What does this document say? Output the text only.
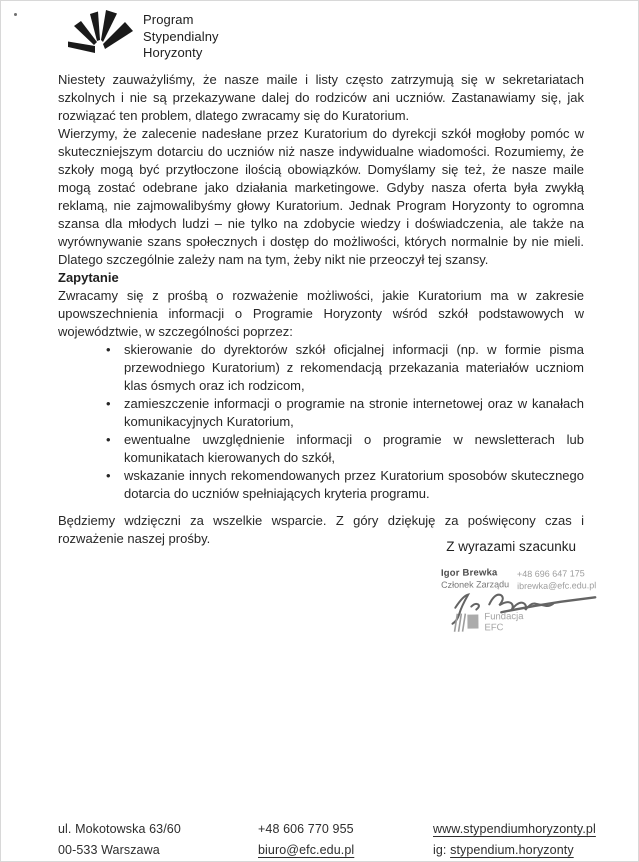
Program
Stypendialny
Horyzonty

Niestety zauważyliśmy, że nasze maile i listy często zatrzymują się w sekretariatach szkolnych i nie są przekazywane dalej do rodziców ani uczniów. Zastanawiamy się, jak rozwiązać ten problem, dlatego zwracamy się do Kuratorium.

Wierzymy, że zalecenie nadesłane przez Kuratorium do dyrekcji szkół mogłoby pomóc w skuteczniejszym dotarciu do uczniów niż nasze indywidualne wiadomości. Rozumiemy, że szkoły mogą być przytłoczone ilością obowiązków. Domyślamy się też, że nasze maile mogą zostać odebrane jako działania marketingowe. Gdyby nasza oferta była zwykłą reklamą, nie zajmowalibyśmy głowy Kuratorium. Jednak Program Horyzonty to ogromna szansa dla młodych ludzi – nie tylko na zdobycie wiedzy i doświadczenia, ale także na wyrównywanie szans społecznych i dostęp do możliwości, których normalnie by nie mieli. Dlatego szczególnie zależy nam na tym, żeby nikt nie przeoczył tej szansy.

Zapytanie

Zwracamy się z prośbą o rozważenie możliwości, jakie Kuratorium ma w zakresie upowszechnienia informacji o Programie Horyzonty wśród szkół podstawowych w województwie, w szczególności poprzez:

• skierowanie do dyrektorów szkół oficjalnej informacji (np. w formie pisma przewodniego Kuratorium) z rekomendacją przekazania materiałów uczniom klas ósmych oraz ich rodzicom,
• zamieszczenie informacji o programie na stronie internetowej oraz w kanałach komunikacyjnych Kuratorium,
• ewentualne uwzględnienie informacji o programie w newsletterach lub komunikatach kierowanych do szkół,
• wskazanie innych rekomendowanych przez Kuratorium sposobów skutecznego dotarcia do uczniów spełniających kryteria programu.

Będziemy wdzięczni za wszelkie wsparcie. Z góry dziękuję za poświęcony czas i rozważenie naszej prośby.

Z wyrazami szacunku
Igor Brewka
Członek Zarządu
+48 696 647 175
ibrewka@efc.edu.pl
Fundacja
EFC
ul. Mokotowska 63/60
00-533 Warszawa
+48 606 770 955
biuro@efc.edu.pl
www.stypendiumhoryzonty.pl
ig: stypendium.horyzonty
